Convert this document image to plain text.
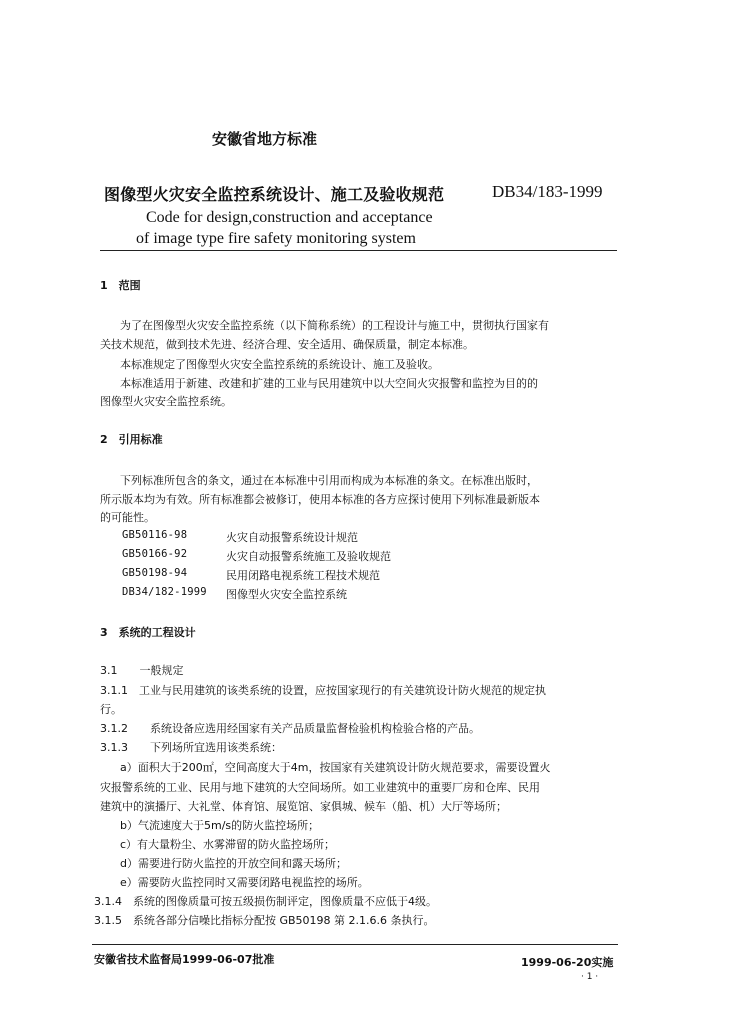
安徽省地方标准
图像型火灾安全监控系统设计、施工及验收规范	DB34/183-1999
Code for design,construction and acceptance
of image type fire safety monitoring system
1　范围
为了在图像型火灾安全监控系统（以下简称系统）的工程设计与施工中，贯彻执行国家有
关技术规范，做到技术先进、经济合理、安全适用、确保质量，制定本标准。
本标准规定了图像型火灾安全监控系统的系统设计、施工及验收。
本标准适用于新建、改建和扩建的工业与民用建筑中以大空间火灾报警和监控为目的的
图像型火灾安全监控系统。
2　引用标准
下列标准所包含的条文，通过在本标准中引用而构成为本标准的条文。在标准出版时，
所示版本均为有效。所有标准都会被修订，使用本标准的各方应探讨使用下列标准最新版本
的可能性。
GB50116-98	火灾自动报警系统设计规范
GB50166-92	火灾自动报警系统施工及验收规范
GB50198-94	民用闭路电视系统工程技术规范
DB34/182-1999 图像型火灾安全监控系统
3　系统的工程设计
3.1　　一般规定
3.1.1　工业与民用建筑的该类系统的设置，应按国家现行的有关建筑设计防火规范的规定执
行。
3.1.2　　系统设备应选用经国家有关产品质量监督检验机构检验合格的产品。
3.1.3　　下列场所宜选用该类系统：
a）面积大于200㎡，空间高度大于4m，按国家有关建筑设计防火规范要求，需要设置火
灾报警系统的工业、民用与地下建筑的大空间场所。如工业建筑中的重要厂房和仓库、民用
建筑中的演播厅、大礼堂、体育馆、展览馆、家俱城、候车（船、机）大厅等场所；
b）气流速度大于5m/s的防火监控场所；
c）有大量粉尘、水雾滞留的防火监控场所；
d）需要进行防火监控的开放空间和露天场所；
e）需要防火监控同时又需要闭路电视监控的场所。
3.1.4　系统的图像质量可按五级损伤制评定，图像质量不应低于4级。
3.1.5　系统各部分信噪比指标分配按 GB50198 第 2.1.6.6 条执行。
安徽省技术监督局1999-06-07批准	1999-06-20实施
· 1 ·
